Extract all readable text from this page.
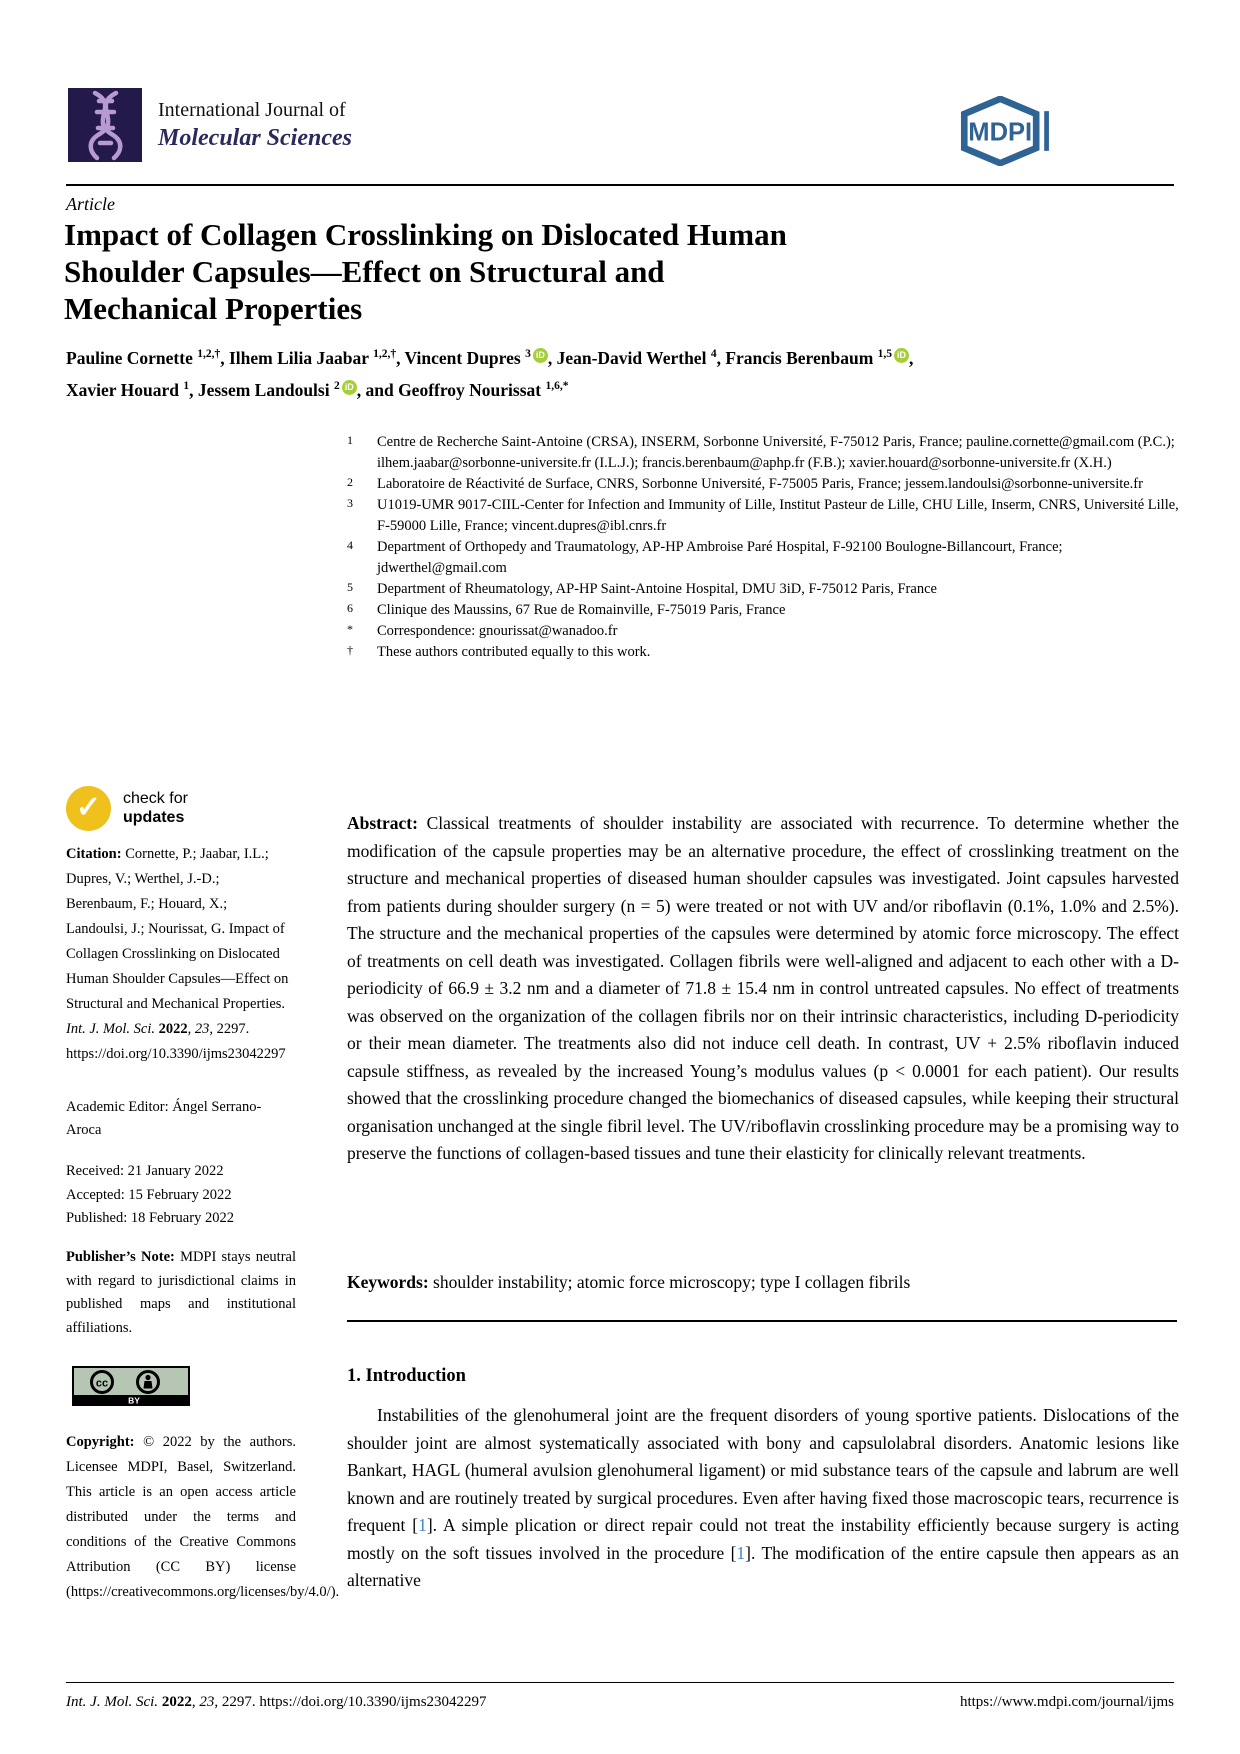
International Journal of
Molecular Sciences	MDPI
Article
Impact of Collagen Crosslinking on Dislocated Human
Shoulder Capsules—Effect on Structural and
Mechanical Properties
Pauline Cornette $^{1,2,\dagger}$, Ilhem Lilia Jaabar $^{1,2,\dagger}$, Vincent Dupres $^3$ iD , Jean-David Werthel $^4$, Francis Berenbaum $^{1,5}$ iD ,
Xavier Houard $^1$, Jessem Landoulsi $^2$ iD , and Geoffroy Nourissat $^{1,6,*}$
1	Centre de Recherche Saint-Antoine (CRSA), INSERM, Sorbonne Université, F-75012 Paris, France; pauline.cornette@gmail.com (P.C.); ilhem.jaabar@sorbonne-universite.fr (I.L.J.); francis.berenbaum@aphp.fr (F.B.); xavier.houard@sorbonne-universite.fr (X.H.)
2	Laboratoire de Réactivité de Surface, CNRS, Sorbonne Université, F-75005 Paris, France; jessem.landoulsi@sorbonne-universite.fr
3	U1019-UMR 9017-CIIL-Center for Infection and Immunity of Lille, Institut Pasteur de Lille, CHU Lille, Inserm, CNRS, Université Lille, F-59000 Lille, France; vincent.dupres@ibl.cnrs.fr
4	Department of Orthopedy and Traumatology, AP-HP Ambroise Paré Hospital, F-92100 Boulogne-Billancourt, France; jdwerthel@gmail.com
5	Department of Rheumatology, AP-HP Saint-Antoine Hospital, DMU 3iD, F-75012 Paris, France
6	Clinique des Maussins, 67 Rue de Romainville, F-75019 Paris, France
*	Correspondence: gnourissat@wanadoo.fr
†	These authors contributed equally to this work.
✓	check for
updates
Citation: Cornette, P.; Jaabar, I.L.; Dupres, V.; Werthel, J.-D.; Berenbaum, F.; Houard, X.; Landoulsi, J.; Nourissat, G. Impact of Collagen Crosslinking on Dislocated Human Shoulder Capsules—Effect on Structural and Mechanical Properties. Int. J. Mol. Sci. 2022, 23, 2297. https://doi.org/10.3390/ijms23042297
Academic Editor: Ángel Serrano-Aroca
Received: 21 January 2022
Accepted: 15 February 2022
Published: 18 February 2022
Publisher’s Note: MDPI stays neutral with regard to jurisdictional claims in published maps and institutional affiliations.
cc
BY
Copyright: © 2022 by the authors. Licensee MDPI, Basel, Switzerland. This article is an open access article distributed under the terms and conditions of the Creative Commons Attribution (CC BY) license (https://creativecommons.org/licenses/by/4.0/).
Abstract: Classical treatments of shoulder instability are associated with recurrence. To determine whether the modification of the capsule properties may be an alternative procedure, the effect of crosslinking treatment on the structure and mechanical properties of diseased human shoulder capsules was investigated. Joint capsules harvested from patients during shoulder surgery (n = 5) were treated or not with UV and/or riboflavin (0.1%, 1.0% and 2.5%). The structure and the mechanical properties of the capsules were determined by atomic force microscopy. The effect of treatments on cell death was investigated. Collagen fibrils were well-aligned and adjacent to each other with a D-periodicity of 66.9 ± 3.2 nm and a diameter of 71.8 ± 15.4 nm in control untreated capsules. No effect of treatments was observed on the organization of the collagen fibrils nor on their intrinsic characteristics, including D-periodicity or their mean diameter. The treatments also did not induce cell death. In contrast, UV + 2.5% riboflavin induced capsule stiffness, as revealed by the increased Young’s modulus values (p < 0.0001 for each patient). Our results showed that the crosslinking procedure changed the biomechanics of diseased capsules, while keeping their structural organisation unchanged at the single fibril level. The UV/riboflavin crosslinking procedure may be a promising way to preserve the functions of collagen-based tissues and tune their elasticity for clinically relevant treatments.
Keywords: shoulder instability; atomic force microscopy; type I collagen fibrils
1. Introduction
Instabilities of the glenohumeral joint are the frequent disorders of young sportive patients. Dislocations of the shoulder joint are almost systematically associated with bony and capsulolabral disorders. Anatomic lesions like Bankart, HAGL (humeral avulsion glenohumeral ligament) or mid substance tears of the capsule and labrum are well known and are routinely treated by surgical procedures. Even after having fixed those macroscopic tears, recurrence is frequent [1]. A simple plication or direct repair could not treat the instability efficiently because surgery is acting mostly on the soft tissues involved in the procedure [1]. The modification of the entire capsule then appears as an alternative
Int. J. Mol. Sci. 2022, 23, 2297. https://doi.org/10.3390/ijms23042297	https://www.mdpi.com/journal/ijms
